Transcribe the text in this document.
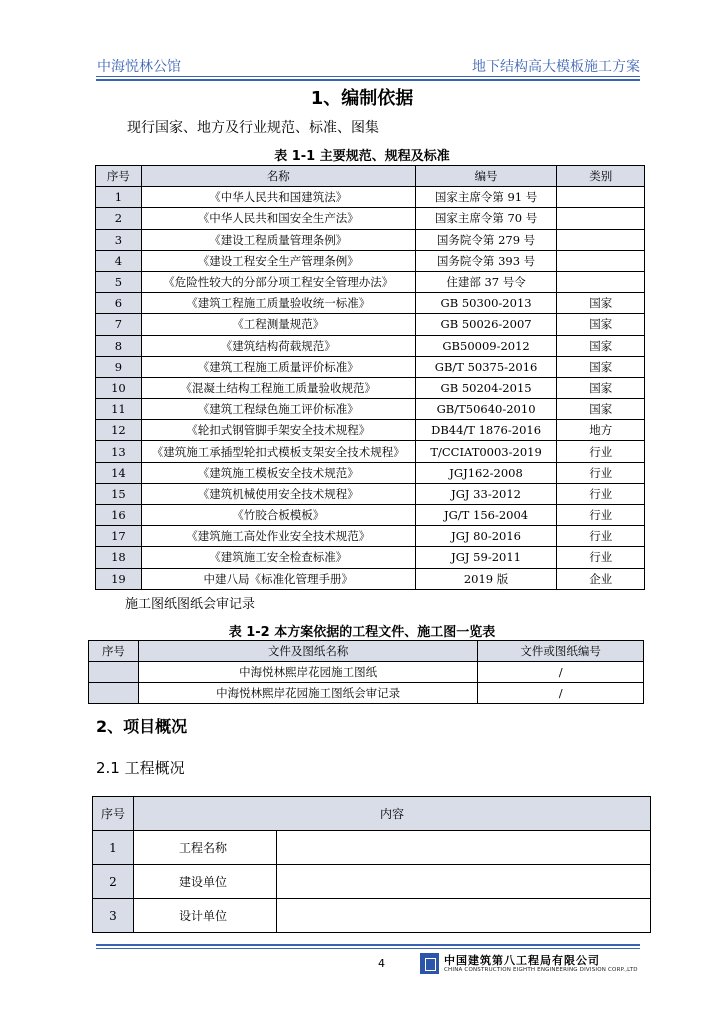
中海悦林公馆	地下结构高大模板施工方案
1、编制依据
现行国家、地方及行业规范、标准、图集
表 1-1 主要规范、规程及标准
序号	名称	编号	类别
1	《中华人民共和国建筑法》	国家主席令第 91 号	
2	《中华人民共和国安全生产法》	国家主席令第 70 号	
3	《建设工程质量管理条例》	国务院令第 279 号	
4	《建设工程安全生产管理条例》	国务院令第 393 号	
5	《危险性较大的分部分项工程安全管理办法》	住建部 37 号令	
6	《建筑工程施工质量验收统一标准》	GB 50300-2013	国家
7	《工程测量规范》	GB 50026-2007	国家
8	《建筑结构荷载规范》	GB50009-2012	国家
9	《建筑工程施工质量评价标准》	GB/T 50375-2016	国家
10	《混凝土结构工程施工质量验收规范》	GB 50204-2015	国家
11	《建筑工程绿色施工评价标准》	GB/T50640-2010	国家
12	《轮扣式钢管脚手架安全技术规程》	DB44/T 1876-2016	地方
13	《建筑施工承插型轮扣式模板支架安全技术规程》	T/CCIAT0003-2019	行业
14	《建筑施工模板安全技术规范》	JGJ162-2008	行业
15	《建筑机械使用安全技术规程》	JGJ 33-2012	行业
16	《竹胶合板模板》	JG/T 156-2004	行业
17	《建筑施工高处作业安全技术规范》	JGJ 80-2016	行业
18	《建筑施工安全检查标准》	JGJ 59-2011	行业
19	中建八局《标准化管理手册》	2019 版	企业
施工图纸图纸会审记录
表 1-2 本方案依据的工程文件、施工图一览表
序号	文件及图纸名称	文件或图纸编号
	中海悦林熙岸花园施工图纸	/
	中海悦林熙岸花园施工图纸会审记录	/
2、项目概况
2.1 工程概况
序号	内容	
1	工程名称	
2	建设单位	
3	设计单位	
4	中国建筑第八工程局有限公司
CHINA CONSTRUCTION EIGHTH ENGINEERING DIVISION CORP.,LTD
